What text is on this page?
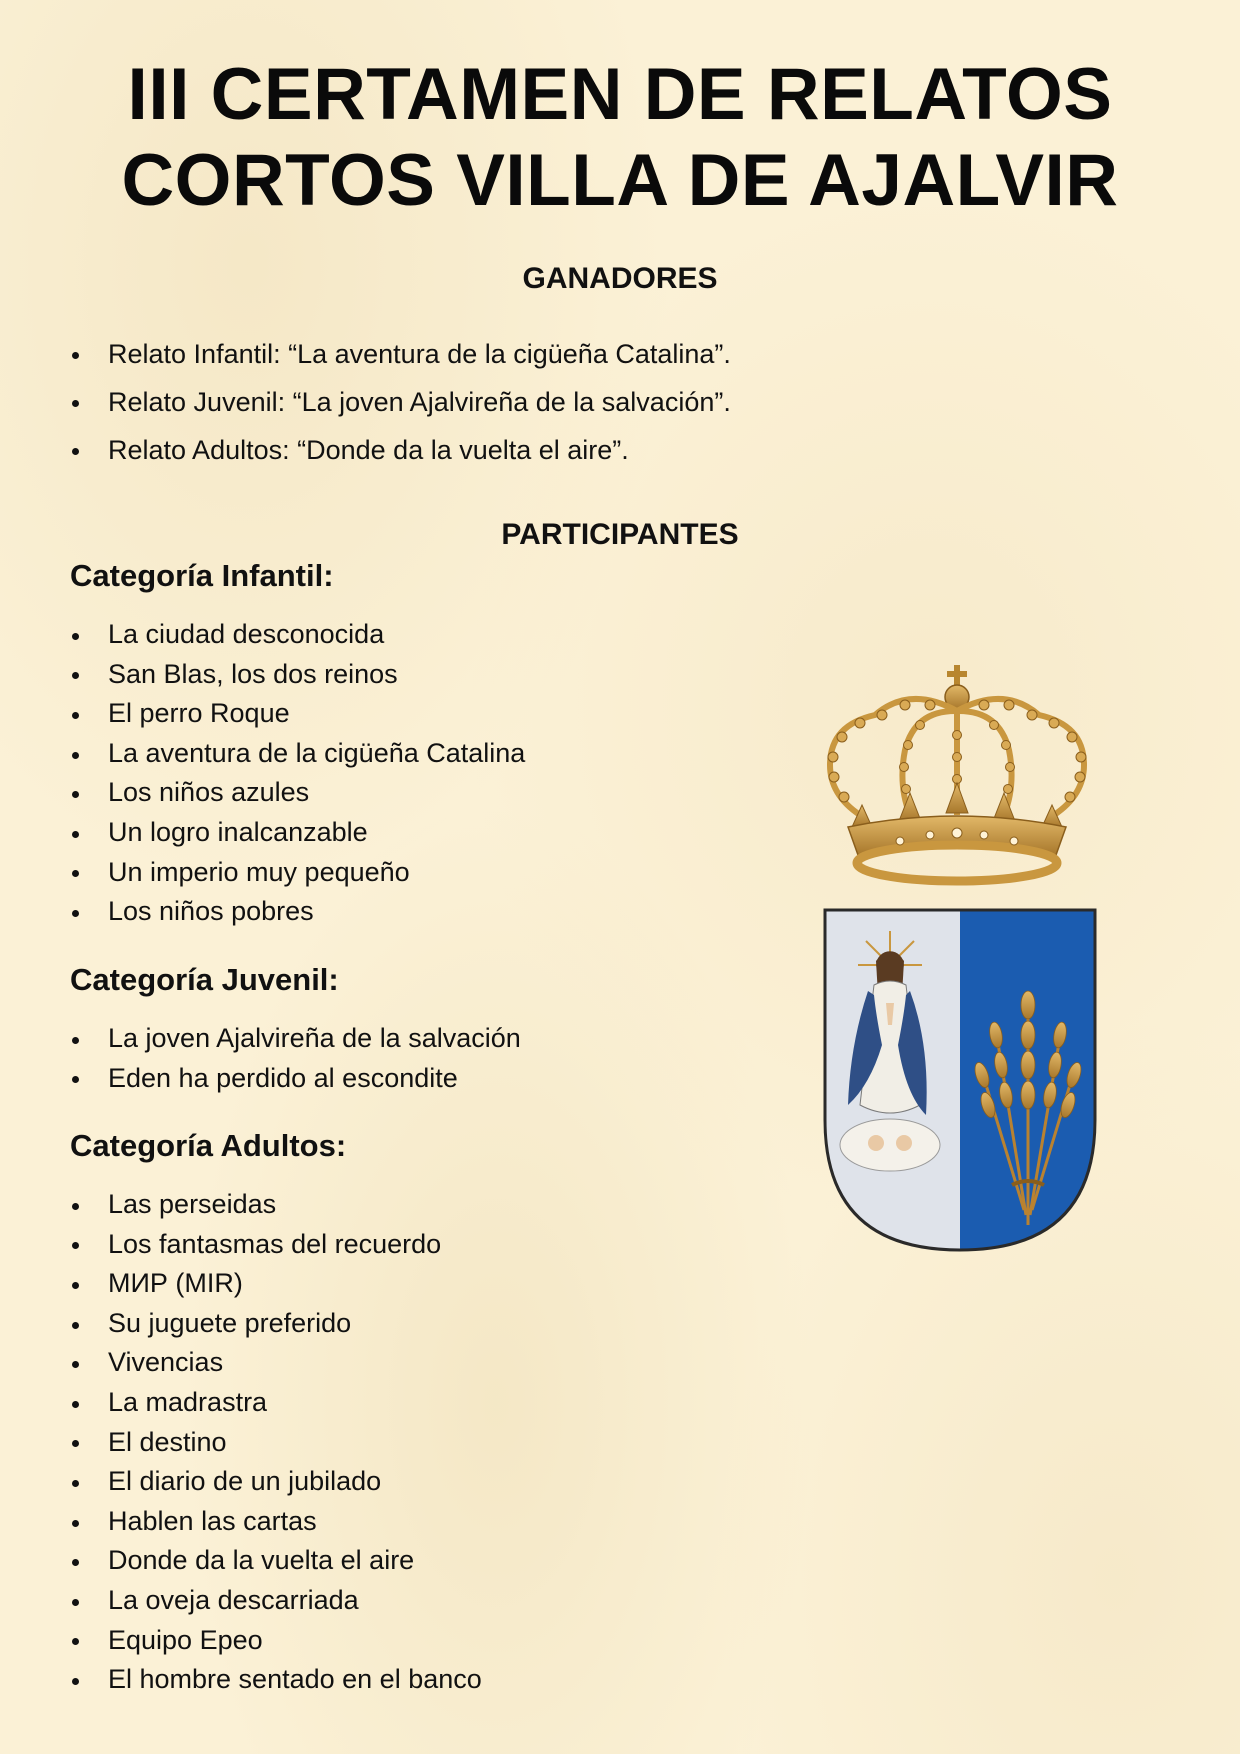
III CERTAMEN DE RELATOS
CORTOS VILLA DE AJALVIR
GANADORES
Relato Infantil: “La aventura de la cigüeña Catalina”.
Relato Juvenil: “La joven Ajalvireña de la salvación”.
Relato Adultos: “Donde da la vuelta el aire”.
PARTICIPANTES
Categoría Infantil:
La ciudad desconocida
San Blas, los dos reinos
El perro Roque
La aventura de la cigüeña Catalina
Los niños azules
Un logro inalcanzable
Un imperio muy pequeño
Los niños pobres
Categoría Juvenil:
La joven Ajalvireña de la salvación
Eden ha perdido al escondite
Categoría Adultos:
Las perseidas
Los fantasmas del recuerdo
МИР (MIR)
Su juguete preferido
Vivencias
La madrastra
El destino
El diario de un jubilado
Hablen las cartas
Donde da la vuelta el aire
La oveja descarriada
Equipo Epeo
El hombre sentado en el banco
